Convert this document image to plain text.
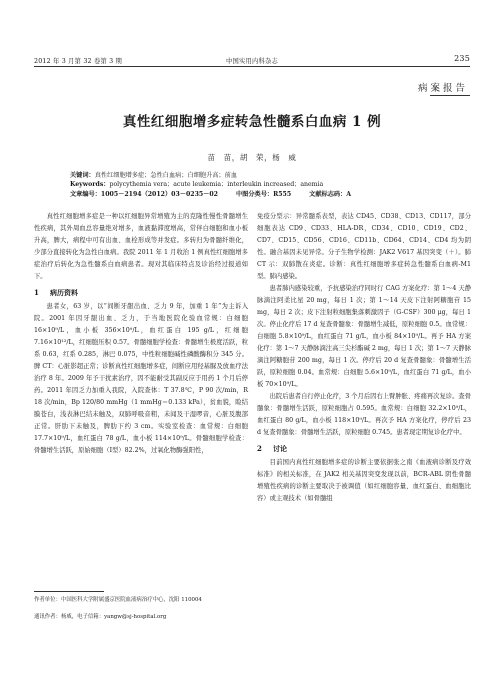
2012 年 3 月第 32 卷第 3 期	中国实用内科杂志	235
病案报告
真性红细胞增多症转急性髓系白血病 1 例
苗　苗，胡　荣，杨　威
关键词：真性红细胞增多症；急性白血病；白细胞升高；前血
Keywords：polycythemia vera；acute leukemia；interleukin increased；anemia
文章编号：1005－2194（2012）03－0235－02	中图分类号：R555	文献标志码：A

真性红细胞增多症是一种以红细胞异常增殖为主的克隆性慢性骨髓增生性疾病，其外周血总容量绝对增多，血液黏滞度增高，常伴白细胞和血小板升高，脾大，病程中可有出血、血栓形成等并发症。多转归为骨髓纤维化，少部分直接转化为急性白血病。我院 2011 年 1 月收治 1 例真性红细胞增多症治疗后转化为急性髓系白血病患者。现对其临床特点及诊治经过报道如下。

1 病历资料

患者女，63 岁，以“间断牙龈出血、乏力 9 年，加重 1 年”为主诉入院。2001 年因牙龈出血、乏力，于当地医院化验血常规：白细胞 16×10⁹/L，血小板 356×10⁹/L，血红蛋白 195 g/L，红细胞 7.16×10¹²/L，红细胞压积 0.57。骨髓细胞学检查：骨髓增生极度活跃，粒系 0.63，红系 0.285，淋巴 0.075，中性粒细胞碱性磷酸酶积分 345 分。脾 CT：心脏影超正常；诊断真性红细胞增多症，间断应用羟基脲及放血疗法治疗 8 年。2009 年予干扰素治疗，因不能耐受其副反应于用药 1 个月后停药。2011 年因乏力加重入我院，入院查体：T 37.8℃，P 90 次/min，R 18 次/min，Bp 120/80 mmHg（1 mmHg＝0.133 kPa），贫血貌，睑结膜苍白，浅表淋巴结未触及，双肺呼吸音粗，未闻及干湿啰音，心脏及腹部正常。肝肋下未触及，脾肋下约 3 cm。实验室检查：血常规：白细胞 17.7×10⁹/L，血红蛋白 78 g/L，血小板 114×10⁹/L。骨髓细胞学检查：骨髓增生活跃，原始细胞（Ⅰ型）82.2%，过氧化物酶强阳性，

免疫分型示：异常髓系表型，表达 CD45、CD38、CD13、CD117，部分细胞表达 CD9、CD33、HLA-DR，CD34、CD10、CD19、CD2、CD7、CD15、CD56、CD16、CD11b、CD64、CD14、CD4 均为阴性。融合基因未见异常。分子生物学检测：JAK2 V617 基因突变（＋）。肺 CT 示：双肺散在炎症。诊断：真性红细胞增多症转急性髓系白血病-M1 型。肺内感染。

患者肺内感染较重，予抗感染治疗同时行 CAG 方案化疗：第 1～4 天静脉滴注阿柔比星 20 mg，每日 1 次；第 1～14 天皮下注射阿糖胞苷 15 mg，每日 2 次；皮下注射粒细胞集落刺激因子（G-CSF）300 μg，每日 1 次。停止化疗后 17 d 复查骨髓象：骨髓增生减低，原粒细胞 0.5。血常规：白细胞 5.8×10⁹/L，血红蛋白 71 g/L，血小板 84×10⁹/L。再予 HA 方案化疗：第 1～7 天静脉滴注高三尖杉酯碱 2 mg，每日 1 次；第 1～7 天静脉滴注阿糖胞苷 200 mg，每日 1 次。停疗后 20 d 复查骨髓象：骨髓增生活跃，原粒细胞 0.04。血常规：白细胞 5.6×10⁹/L，血红蛋白 71 g/L，血小板 70×10⁹/L。

出院后患者自行停止化疗，3 个月后因右上臂肿胀、疼痛再次复诊。查骨髓象：骨髓增生活跃，原粒细胞占 0.595。血常规：白细胞 32.2×10⁹/L，血红蛋白 80 g/L，血小板 118×10⁹/L。再次予 HA 方案化疗，停疗后 23 d 复查骨髓象：骨髓增生活跃，原粒细胞 0.745。患者现定期复诊化疗中。

2 讨论

目前国内真性红细胞增多症的诊断主要依据张之南《血液病诊断及疗效标准》的相关标准，在 JAK2 相关基因突变发现以前，BCR-ABL 阴性骨髓增殖性疾病的诊断主要取决于被调值（如红细胞容量、血红蛋白、血细胞比容）或主观技术（如骨髓组

作者单位：中国医科大学附属盛京医院血液病治疗中心，沈阳 110004
通讯作者：杨威，电子信箱：yangw@sj-hospital.org
